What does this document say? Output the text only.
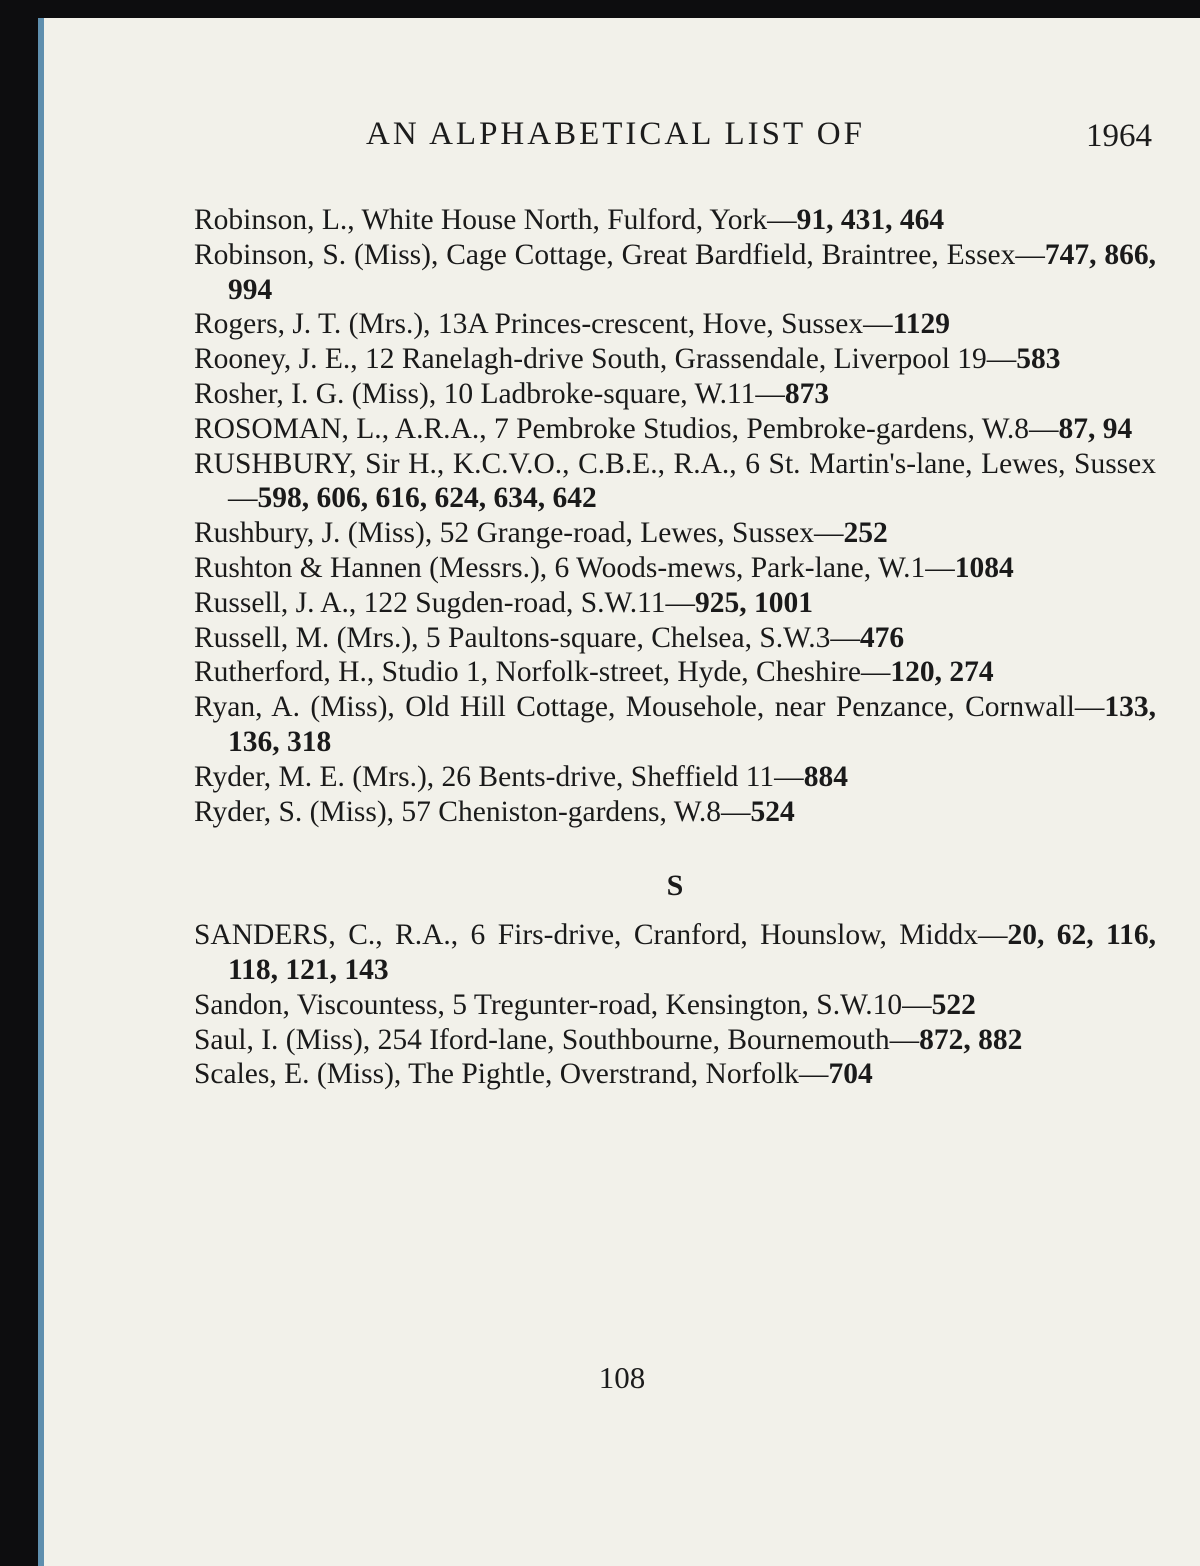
AN ALPHABETICAL LIST OF	1964

Robinson, L., White House North, Fulford, York—91, 431, 464

Robinson, S. (Miss), Cage Cottage, Great Bardfield, Braintree, Essex—747, 866, 994

Rogers, J. T. (Mrs.), 13A Princes-crescent, Hove, Sussex—1129

Rooney, J. E., 12 Ranelagh-drive South, Grassendale, Liverpool 19—583

Rosher, I. G. (Miss), 10 Ladbroke-square, W.11—873

ROSOMAN, L., A.R.A., 7 Pembroke Studios, Pembroke-gardens, W.8—87, 94

RUSHBURY, Sir H., K.C.V.O., C.B.E., R.A., 6 St. Martin's-lane, Lewes, Sussex—598, 606, 616, 624, 634, 642

Rushbury, J. (Miss), 52 Grange-road, Lewes, Sussex—252

Rushton & Hannen (Messrs.), 6 Woods-mews, Park-lane, W.1—1084

Russell, J. A., 122 Sugden-road, S.W.11—925, 1001

Russell, M. (Mrs.), 5 Paultons-square, Chelsea, S.W.3—476

Rutherford, H., Studio 1, Norfolk-street, Hyde, Cheshire—120, 274

Ryan, A. (Miss), Old Hill Cottage, Mousehole, near Penzance, Cornwall—133, 136, 318

Ryder, M. E. (Mrs.), 26 Bents-drive, Sheffield 11—884

Ryder, S. (Miss), 57 Cheniston-gardens, W.8—524

S

SANDERS, C., R.A., 6 Firs-drive, Cranford, Hounslow, Middx—20, 62, 116, 118, 121, 143

Sandon, Viscountess, 5 Tregunter-road, Kensington, S.W.10—522

Saul, I. (Miss), 254 Iford-lane, Southbourne, Bournemouth—872, 882

Scales, E. (Miss), The Pightle, Overstrand, Norfolk—704

108
